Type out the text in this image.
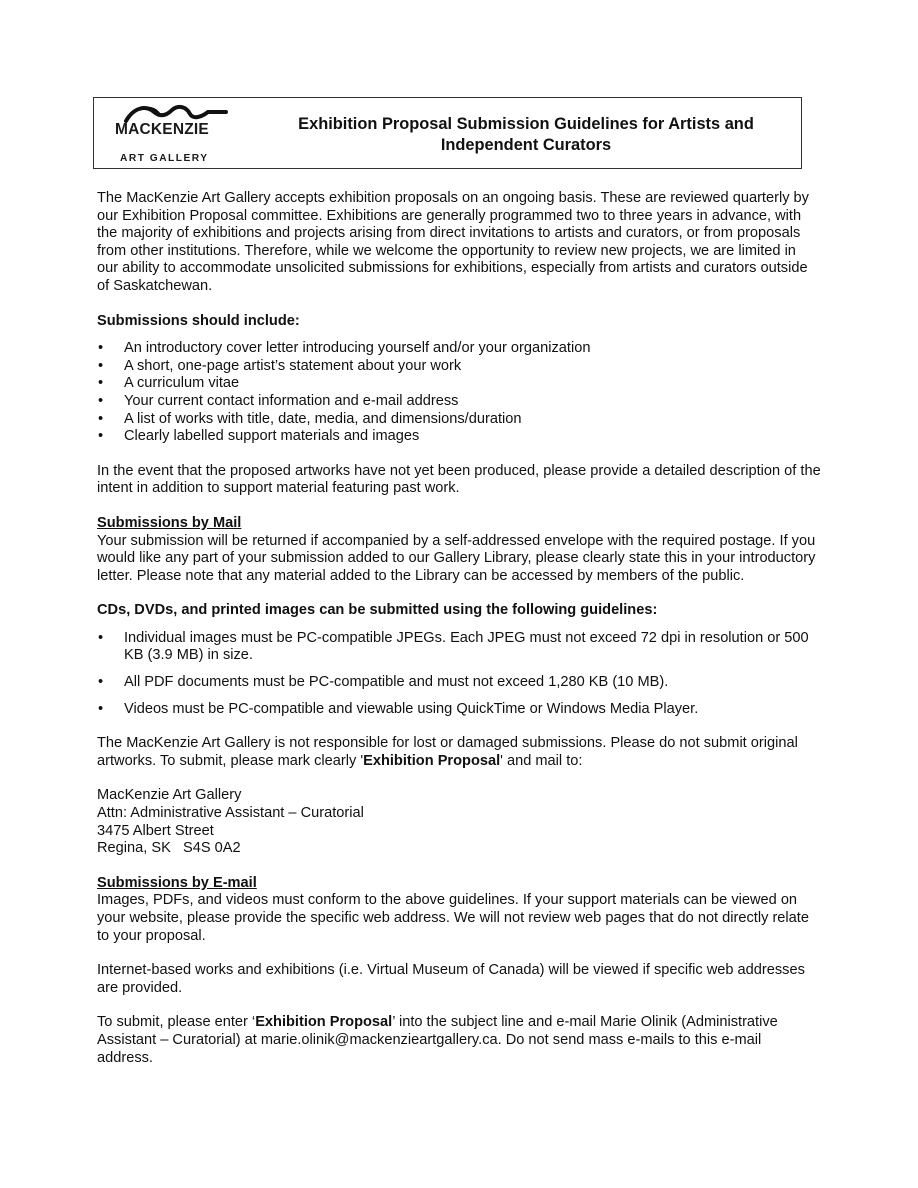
MACKENZIE
ART GALLERY
Exhibition Proposal Submission Guidelines for Artists and Independent Curators

The MacKenzie Art Gallery accepts exhibition proposals on an ongoing basis. These are reviewed quarterly by our Exhibition Proposal committee. Exhibitions are generally programmed two to three years in advance, with the majority of exhibitions and projects arising from direct invitations to artists and curators, or from proposals from other institutions. Therefore, while we welcome the opportunity to review new projects, we are limited in our ability to accommodate unsolicited submissions for exhibitions, especially from artists and curators outside of Saskatchewan.

Submissions should include:

• An introductory cover letter introducing yourself and/or your organization
• A short, one-page artist’s statement about your work
• A curriculum vitae
• Your current contact information and e-mail address
• A list of works with title, date, media, and dimensions/duration
• Clearly labelled support materials and images

In the event that the proposed artworks have not yet been produced, please provide a detailed description of the intent in addition to support material featuring past work.

Submissions by Mail

Your submission will be returned if accompanied by a self-addressed envelope with the required postage. If you would like any part of your submission added to our Gallery Library, please clearly state this in your introductory letter. Please note that any material added to the Library can be accessed by members of the public.

CDs, DVDs, and printed images can be submitted using the following guidelines:

• Individual images must be PC-compatible JPEGs. Each JPEG must not exceed 72 dpi in resolution or 500 KB (3.9 MB) in size.
• All PDF documents must be PC-compatible and must not exceed 1,280 KB (10 MB).
• Videos must be PC-compatible and viewable using QuickTime or Windows Media Player.

The MacKenzie Art Gallery is not responsible for lost or damaged submissions. Please do not submit original artworks. To submit, please mark clearly 'Exhibition Proposal' and mail to:

MacKenzie Art Gallery

Attn: Administrative Assistant – Curatorial

3475 Albert Street

Regina, SK   S4S 0A2

Submissions by E-mail

Images, PDFs, and videos must conform to the above guidelines. If your support materials can be viewed on your website, please provide the specific web address. We will not review web pages that do not directly relate to your proposal.

Internet-based works and exhibitions (i.e. Virtual Museum of Canada) will be viewed if specific web addresses are provided.

To submit, please enter ‘Exhibition Proposal’ into the subject line and e-mail Marie Olinik (Administrative Assistant – Curatorial) at marie.olinik@mackenzieartgallery.ca. Do not send mass e-mails to this e-mail address.
